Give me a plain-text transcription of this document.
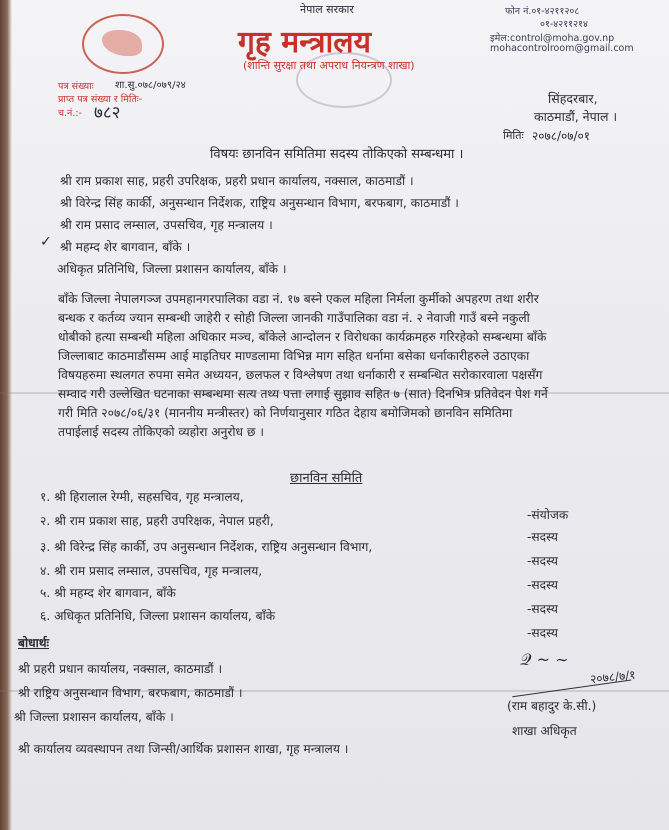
नेपाल सरकार
गृह मन्त्रालय
(शान्ति सुरक्षा तथा अपराध नियन्त्रण शाखा)
फोन नं.०१-४२११२०८
०१-४२११२१४
इमेल:control@moha.gov.np
mohacontrolroom@gmail.com
पत्र संख्याः शा.सु.०७८/०७९/२४
प्राप्त पत्र संख्या र मितिः-
च.नं.:- ७८२
सिंहदरबार,
काठमाडौं, नेपाल ।
मितिः २०७८/०७/०१
विषयः छानविन समितिमा सदस्य तोकिएको सम्बन्धमा ।
श्री राम प्रकाश साह, प्रहरी उपरिक्षक, प्रहरी प्रधान कार्यालय, नक्साल, काठमाडौं ।
श्री विरेन्द्र सिंह कार्की, अनुसन्धान निर्देशक, राष्ट्रिय अनुसन्धान विभाग, बरफबाग, काठमाडौं ।
श्री राम प्रसाद लम्साल, उपसचिव, गृह मन्त्रालय ।
✓ श्री महम्द शेर बागवान, बाँके ।
अधिकृत प्रतिनिधि, जिल्ला प्रशासन कार्यालय, बाँके ।
बाँके जिल्ला नेपालगञ्ज उपमहानगरपालिका वडा नं. १७ बस्ने एकल महिला निर्मला कुर्मीको अपहरण तथा शरीर
बन्धक र कर्तव्य ज्यान सम्बन्धी जाहेरी र सोही जिल्ला जानकी गाउँपालिका वडा नं. २ नेवाजी गाउँ बस्ने नकुली
धोबीको हत्या सम्बन्धी महिला अधिकार मञ्च, बाँकेले आन्दोलन र विरोधका कार्यक्रमहरु गरिरहेको सम्बन्धमा बाँके
जिल्लाबाट काठमाडौंसम्म आई माइतिघर माण्डलामा विभिन्न माग सहित धर्नामा बसेका धर्नाकारीहरुले उठाएका
विषयहरुमा स्थलगत रुपमा समेत अध्ययन, छलफल र विश्लेषण तथा धर्नाकारी र सम्बन्धित सरोकारवाला पक्षसँग
सम्वाद गरी उल्लेखित घटनाका सम्बन्धमा सत्य तथ्य पत्ता लगाई सुझाव सहित ७ (सात) दिनभित्र प्रतिवेदन पेश गर्ने
गरी मिति २०७८/०६/३१ (माननीय मन्त्रीस्तर) को निर्णयानुसार गठित देहाय बमोजिमको छानविन समितिमा
तपाईलाई सदस्य तोकिएको व्यहोरा अनुरोध छ ।
छानविन समिति
१. श्री हिरालाल रेग्मी, सहसचिव, गृह मन्त्रालय,
-संयोजक
२. श्री राम प्रकाश साह, प्रहरी उपरिक्षक, नेपाल प्रहरी,
-सदस्य
३. श्री विरेन्द्र सिंह कार्की, उप अनुसन्धान निर्देशक, राष्ट्रिय अनुसन्धान विभाग,
-सदस्य
४. श्री राम प्रसाद लम्साल, उपसचिव, गृह मन्त्रालय,
-सदस्य
५. श्री महम्द शेर बागवान, बाँके
-सदस्य
६. अधिकृत प्रतिनिधि, जिल्ला प्रशासन कार्यालय, बाँके
-सदस्य
बोधार्थः
श्री प्रहरी प्रधान कार्यालय, नक्साल, काठमाडौं ।
श्री राष्ट्रिय अनुसन्धान विभाग, बरफबाग, काठमाडौं ।
श्री जिल्ला प्रशासन कार्यालय, बाँके ।
श्री कार्यालय व्यवस्थापन तथा जिन्सी/आर्थिक प्रशासन शाखा, गृह मन्त्रालय ।
𝒬 ~ ∼
२०७८/७/१
(राम बहादुर के.सी.)
शाखा अधिकृत
